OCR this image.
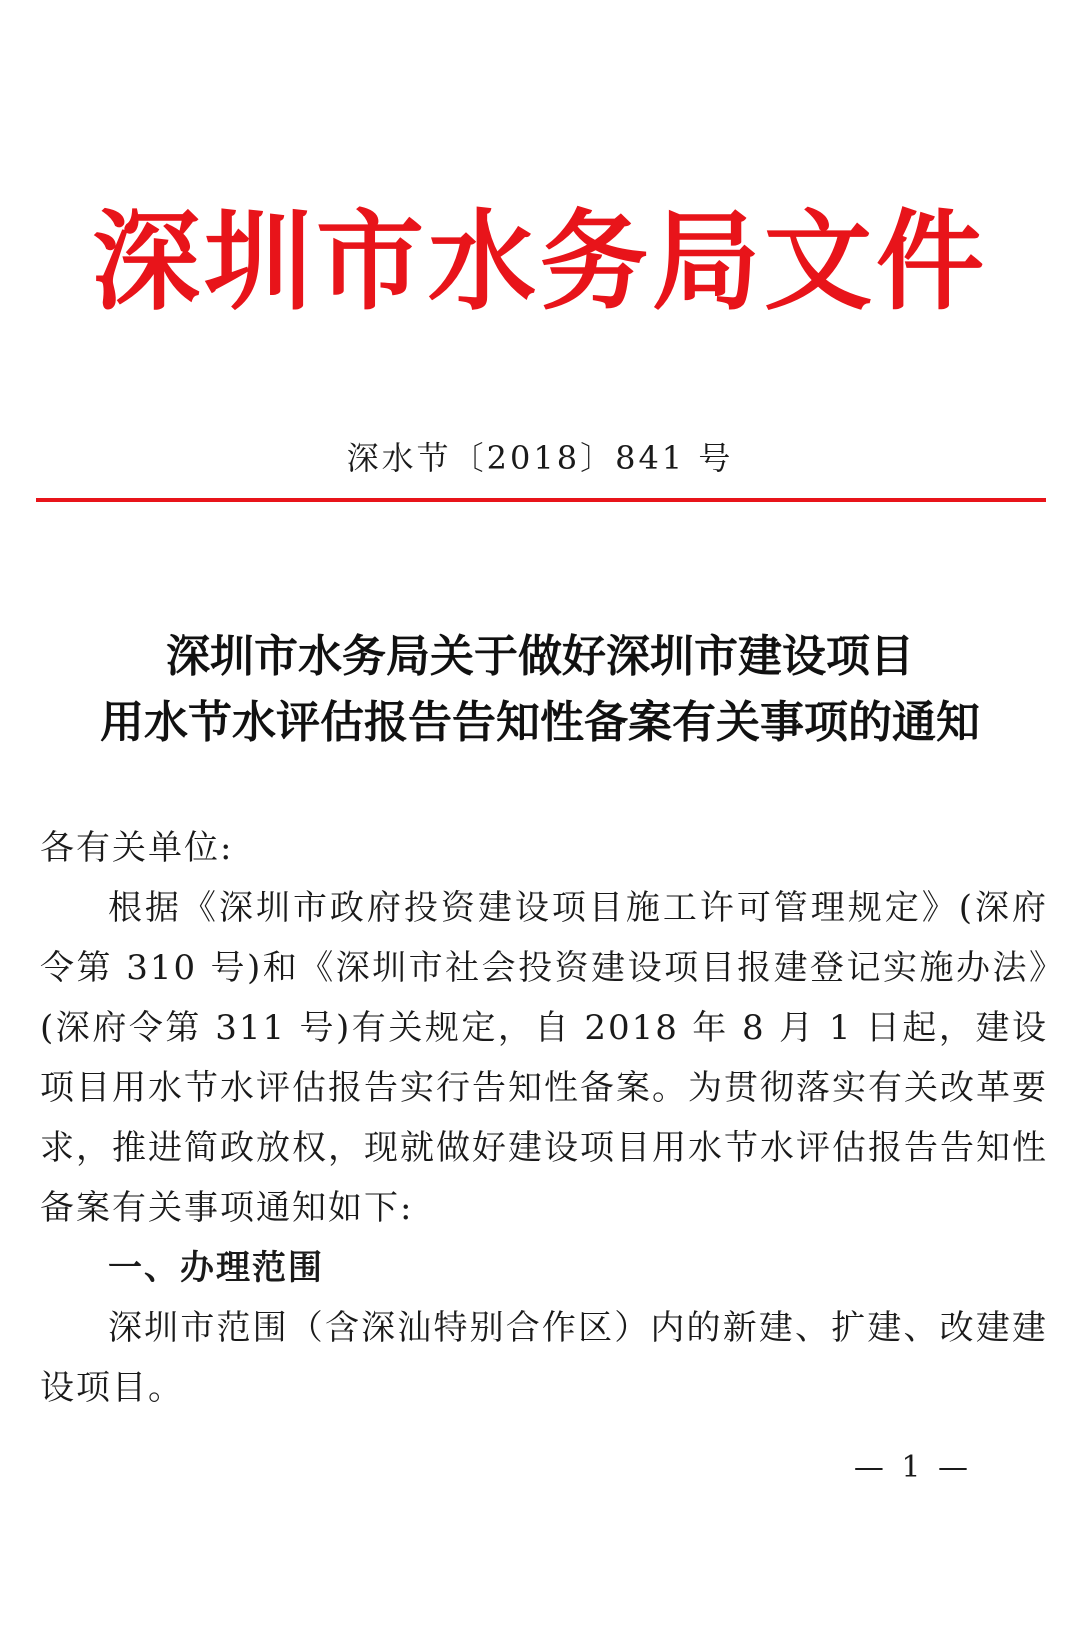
深圳市水务局文件
深水节〔2018〕841 号
深圳市水务局关于做好深圳市建设项目
用水节水评估报告告知性备案有关事项的通知

各有关单位:

根据《深圳市政府投资建设项目施工许可管理规定》(深府令第 310 号)和《深圳市社会投资建设项目报建登记实施办法》(深府令第 311 号)有关规定，自 2018 年 8 月 1 日起，建设项目用水节水评估报告实行告知性备案。为贯彻落实有关改革要求，推进简政放权，现就做好建设项目用水节水评估报告告知性备案有关事项通知如下:

一、办理范围

深圳市范围（含深汕特别合作区）内的新建、扩建、改建建设项目。

— 1 —
